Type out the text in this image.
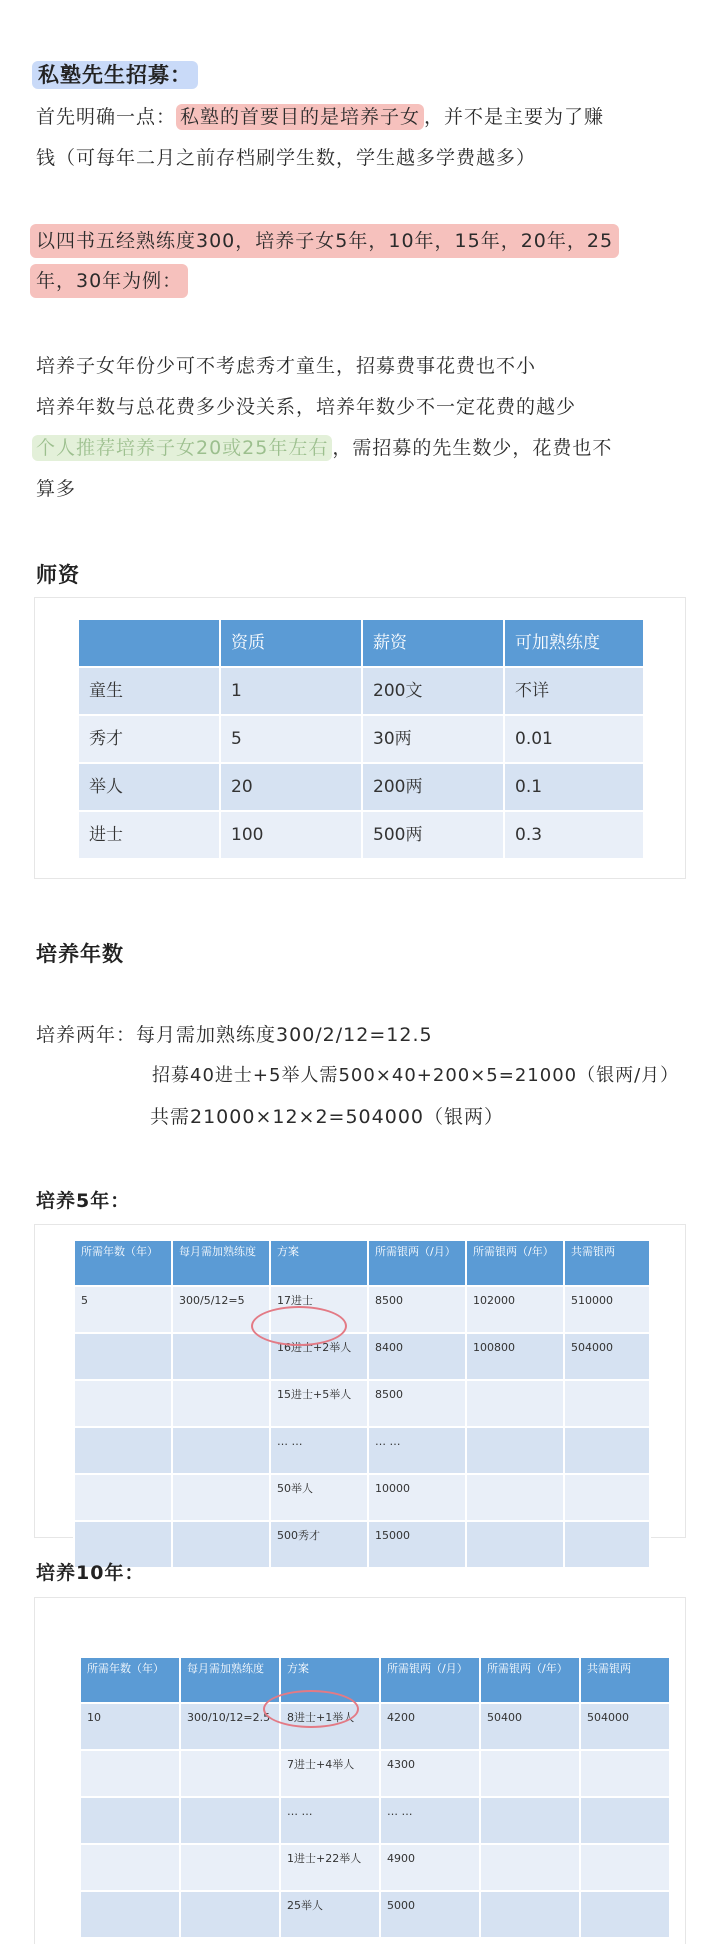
私塾先生招募：
首先明确一点： 私塾的首要目的是培养子女 ，并不是主要为了赚
钱（可每年二月之前存档刷学生数，学生越多学费越多）
以四书五经熟练度300，培养子女5年，10年，15年，20年，25
年，30年为例：
培养子女年份少可不考虑秀才童生，招募费事花费也不小
培养年数与总花费多少没关系，培养年数少不一定花费的越少
个人推荐培养子女20或25年左右 ，需招募的先生数少，花费也不
算多
师资
	资质	薪资	可加熟练度
童生	1	200文	不详
秀才	5	30两	0.01
举人	20	200两	0.1
进士	100	500两	0.3
培养年数
培养两年：每月需加熟练度300/2/12=12.5
招募40进士+5举人需500×40+200×5=21000（银两/月）
共需21000×12×2=504000（银两）
培养5年：
所需年数（年）	每月需加熟练度	方案	所需银两（/月）	所需银两（/年）	共需银两
5	300/5/12=5	17进士	8500	102000	510000
		16进士+2举人	8400	100800	504000
		15进士+5举人	8500		
		… …	… …		
		50举人	10000		
		500秀才	15000		
培养10年：
所需年数（年）	每月需加熟练度	方案	所需银两（/月）	所需银两（/年）	共需银两
10	300/10/12=2.5	8进士+1举人	4200	50400	504000
		7进士+4举人	4300		
		… …	… …		
		1进士+22举人	4900		
		25举人	5000		
